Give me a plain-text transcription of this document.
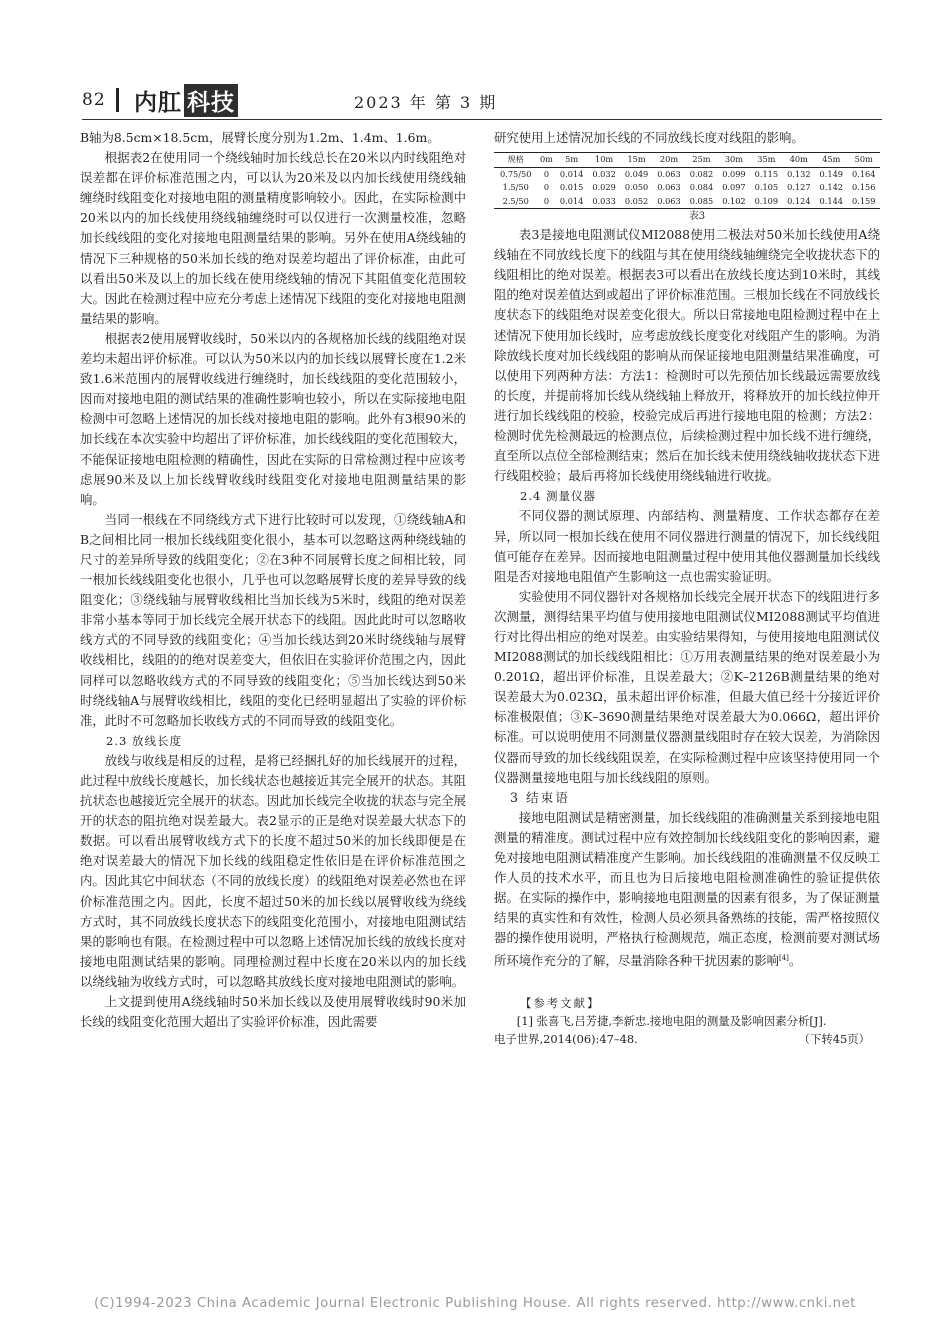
82 内肛 科技	2023 年 第 3 期

B轴为8.5cm×18.5cm，展臂长度分别为1.2m、1.4m、1.6m。

根据表2在使用同一个绕线轴时加长线总长在20米以内时线阻绝对误差都在评价标准范围之内，可以认为20米及以内加长线使用绕线轴缠绕时线阻变化对接地电阻的测量精度影响较小。因此，在实际检测中20米以内的加长线使用绕线轴缠绕时可以仅进行一次测量校准，忽略加长线线阻的变化对接地电阻测量结果的影响。另外在使用A绕线轴的情况下三种规格的50米加长线的绝对误差均超出了评价标准，由此可以看出50米及以上的加长线在使用绕线轴的情况下其阻值变化范围较大。因此在检测过程中应充分考虑上述情况下线阻的变化对接地电阻测量结果的影响。

根据表2使用展臂收线时，50米以内的各规格加长线的线阻绝对误差均未超出评价标准。可以认为50米以内的加长线以展臂长度在1.2米致1.6米范围内的展臂收线进行缠绕时，加长线线阻的变化范围较小，因而对接地电阻的测试结果的准确性影响也较小，所以在实际接地电阻检测中可忽略上述情况的加长线对接地电阻的影响。此外有3根90米的加长线在本次实验中均超出了评价标准，加长线线阻的变化范围较大，不能保证接地电阻检测的精确性，因此在实际的日常检测过程中应该考虑展90米及以上加长线臂收线时线阻变化对接地电阻测量结果的影响。

当同一根线在不同绕线方式下进行比较时可以发现，①绕线轴A和B之间相比同一根加长线线阻变化很小，基本可以忽略这两种绕线轴的尺寸的差异所导致的线阻变化；②在3种不同展臂长度之间相比较，同一根加长线线阻变化也很小，几乎也可以忽略展臂长度的差异导致的线阻变化；③绕线轴与展臂收线相比当加长线为5米时，线阻的绝对误差非常小基本等同于加长线完全展开状态下的线阻。因此此时可以忽略收线方式的不同导致的线阻变化；④当加长线达到20米时绕线轴与展臂收线相比，线阻的的绝对误差变大，但依旧在实验评价范围之内，因此同样可以忽略收线方式的不同导致的线阻变化；⑤当加长线达到50米时绕线轴A与展臂收线相比，线阻的变化已经明显超出了实验的评价标准，此时不可忽略加长收线方式的不同而导致的线阻变化。

2.3 放线长度

放线与收线是相反的过程，是将已经捆扎好的加长线展开的过程，此过程中放线长度越长，加长线状态也越接近其完全展开的状态。其阻抗状态也越接近完全展开的状态。因此加长线完全收拢的状态与完全展开的状态的阻抗绝对误差最大。表2显示的正是绝对误差最大状态下的数据。可以看出展臂收线方式下的长度不超过50米的加长线即便是在绝对误差最大的情况下加长线的线阻稳定性依旧是在评价标准范围之内。因此其它中间状态（不同的放线长度）的线阻绝对误差必然也在评价标准范围之内。因此，长度不超过50米的加长线以展臂收线为绕线方式时，其不同放线长度状态下的线阻变化范围小，对接地电阻测试结果的影响也有限。在检测过程中可以忽略上述情况加长线的放线长度对接地电阻测试结果的影响。同理检测过程中长度在20米以内的加长线以绕线轴为收线方式时，可以忽略其放线长度对接地电阻测试的影响。

上文提到使用A绕线轴时50米加长线以及使用展臂收线时90米加长线的线阻变化范围大超出了实验评价标准，因此需要

研究使用上述情况加长线的不同放线长度对线阻的影响。

规格	0m	5m	10m	15m	20m	25m	30m	35m	40m	45m	50m
0.75/50	0	0.014	0.032	0.049	0.063	0.082	0.099	0.115	0.132	0.149	0.164
1.5/50	0	0.015	0.029	0.050	0.063	0.084	0.097	0.105	0.127	0.142	0.156
2.5/50	0	0.014	0.033	0.052	0.063	0.085	0.102	0.109	0.124	0.144	0.159

表3

表3是接地电阻测试仪MI2088使用二极法对50米加长线使用A绕线轴在不同放线长度下的线阻与其在使用绕线轴缠绕完全收拢状态下的线阻相比的绝对误差。根据表3可以看出在放线长度达到10米时，其线阻的绝对误差值达到或超出了评价标准范围。三根加长线在不同放线长度状态下的线阻绝对误差变化很大。所以日常接地电阻检测过程中在上述情况下使用加长线时，应考虑放线长度变化对线阻产生的影响。为消除放线长度对加长线线阻的影响从而保证接地电阻测量结果准确度，可以使用下列两种方法：方法1：检测时可以先预估加长线最远需要放线的长度，并提前将加长线从绕线轴上释放开，将释放开的加长线拉伸开进行加长线线阻的校验，校验完成后再进行接地电阻的检测；方法2：检测时优先检测最远的检测点位，后续检测过程中加长线不进行缠绕，直至所以点位全部检测结束；然后在加长线未使用绕线轴收拢状态下进行线阻校验；最后再将加长线使用绕线轴进行收拢。

2.4 测量仪器

不同仪器的测试原理、内部结构、测量精度、工作状态都存在差异，所以同一根加长线在使用不同仪器进行测量的情况下，加长线线阻值可能存在差异。因而接地电阻测量过程中使用其他仪器测量加长线线阻是否对接地电阻值产生影响这一点也需实验证明。

实验使用不同仪器针对各规格加长线完全展开状态下的线阻进行多次测量，测得结果平均值与使用接地电阻测试仪MI2088测试平均值进行对比得出相应的绝对误差。由实验结果得知，与使用接地电阻测试仪MI2088测试的加长线线阻相比：①万用表测量结果的绝对误差最小为0.201Ω，超出评价标准，且误差最大；②K–2126B测量结果的绝对误差最大为0.023Ω，虽未超出评价标准，但最大值已经十分接近评价标准极限值；③K–3690测量结果绝对误差最大为0.066Ω，超出评价标准。可以说明使用不同测量仪器测量线阻时存在较大误差，为消除因仪器而导致的加长线线阻误差，在实际检测过程中应该坚持使用同一个仪器测量接地电阻与加长线线阻的原则。

3 结束语

接地电阻测试是精密测量，加长线线阻的准确测量关系到接地电阻测量的精准度。测试过程中应有效控制加长线线阻变化的影响因素，避免对接地电阻测试精准度产生影响。加长线线阻的准确测量不仅反映工作人员的技术水平，而且也为日后接地电阻检测准确性的验证提供依据。在实际的操作中，影响接地电阻测量的因素有很多，为了保证测量结果的真实性和有效性，检测人员必须具备熟练的技能，需严格按照仪器的操作使用说明，严格执行检测规范，端正态度，检测前要对测试场所环境作充分的了解，尽量消除各种干扰因素的影响[4]。

【参考文献】

[1] 张喜飞,吕芳捷,李新忠.接地电阻的测量及影响因素分析[J].

电子世界,2014(06):47–48.	（下转45页）

(C)1994-2023 China Academic Journal Electronic Publishing House. All rights reserved. http://www.cnki.net
